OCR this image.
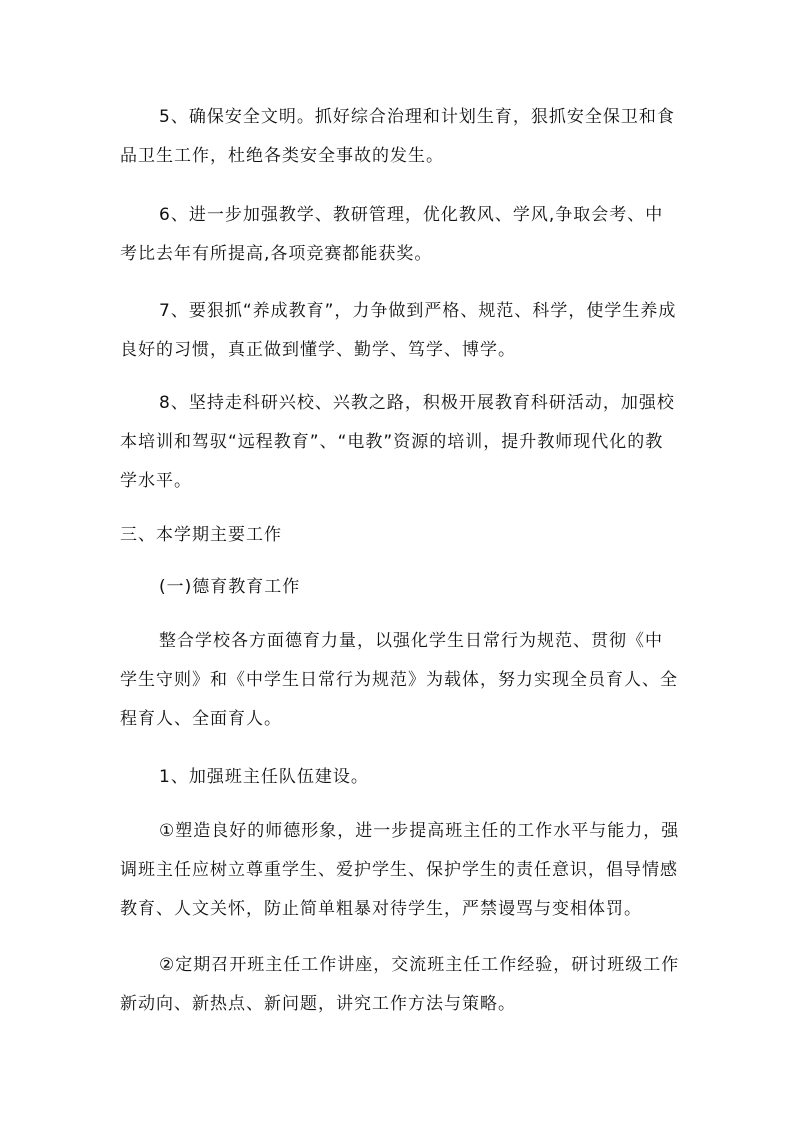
5、确保安全文明。抓好综合治理和计划生育，狠抓安全保卫和食品卫生工作，杜绝各类安全事故的发生。

6、进一步加强教学、教研管理，优化教风、学风,争取会考、中考比去年有所提高,各项竞赛都能获奖。

7、要狠抓“养成教育”，力争做到严格、规范、科学，使学生养成良好的习惯，真正做到懂学、勤学、笃学、博学。

8、坚持走科研兴校、兴教之路，积极开展教育科研活动，加强校本培训和驾驭“远程教育”、“电教”资源的培训，提升教师现代化的教学水平。

三、本学期主要工作

(一)德育教育工作

整合学校各方面德育力量，以强化学生日常行为规范、贯彻《中学生守则》和《中学生日常行为规范》为载体，努力实现全员育人、全程育人、全面育人。

1、加强班主任队伍建设。

①塑造良好的师德形象，进一步提高班主任的工作水平与能力，强调班主任应树立尊重学生、爱护学生、保护学生的责任意识，倡导情感教育、人文关怀，防止简单粗暴对待学生，严禁谩骂与变相体罚。

②定期召开班主任工作讲座，交流班主任工作经验，研讨班级工作新动向、新热点、新问题，讲究工作方法与策略。
